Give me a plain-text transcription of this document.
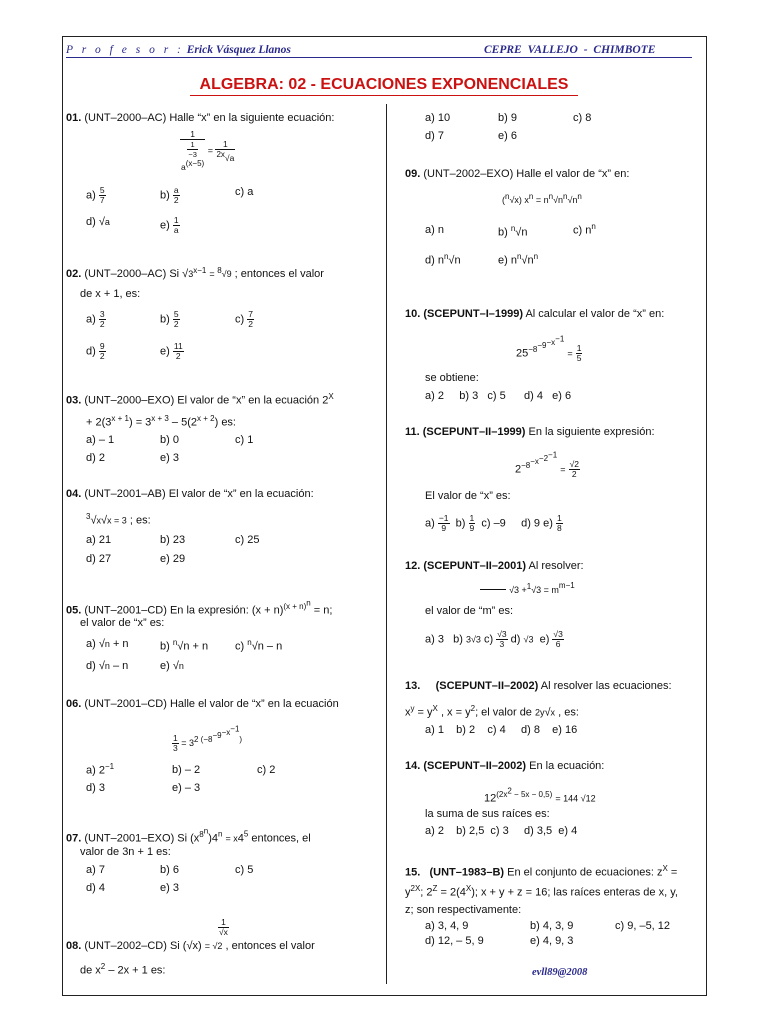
P r o f e s o r : Erick Vásquez Llanos	CEPRE VALLEJO - CHIMBOTE
ALGEBRA: 02 - ECUACIONES EXPONENCIALES
01. (UNT–2000–AC) Halle “x” en la siguiente ecuación:
1
$\frac{1}{-3}$

$a^{(x-5)}$
= $\frac{1}{^{2x}√a}$
$a) \frac{5}{7}$	$b) \frac{a}{2}$	c) a
d) √a	$e) \frac{1}{a}$
02. (UNT–2000–AC) Si $√3^{x-1} = ^8√9$ ; entonces el valor
de x + 1, es:
$a) \frac{3}{2}$	$b) \frac{5}{2}$	$c) \frac{7}{2}$
$d) \frac{9}{2}$	$e) \frac{11}{2}$
03. (UNT–2000–EXO) El valor de “x” en la ecuación $2^X$
+ $2(3^{x + 1}) = 3^{x + 3} - 5(2^{x + 2})$ es:
a) – 1	b) 0	c) 1
d) 2	e) 3
04. (UNT–2001–AB) El valor de “x” en la ecuación:
$^3$√x√x = 3 ; es:
a) 21	b) 23	c) 25
d) 27	e) 29
05. (UNT–2001–CD) En la expresión: $(x + n)^{(x + n)^n} = n$;
el valor de “x” es:
a) √n + n	b) $^n$√n + n c) $^n$√n – n
d) √n – n	e) √n
06. (UNT–2001–CD) Halle el valor de “x” en la ecuación
$\frac{1}{3} = 3^{2 (-8^{-9^{-x^{-1}}})}$
a) $2^{-1}$	b) – 2	c) 2
d) 3	e) – 3
07. (UNT–2001–EXO) Si $(x^{8^n})4^n = x4^5$ entonces, el
valor de 3n + 1 es:
a) 7	b) 6	c) 5
d) 4	e) 3
$\frac{1}{√x}$
08. (UNT–2002–CD) Si (√x) = √2 , entonces el valor
de $x^2 - 2x + 1$ es:
a) 10	b) 9	c) 8
d) 7	e) 6
09. (UNT–2002–EXO) Halle el valor de “x” en:
($^n$√x) $x^n = n^n√n^n√n^n$
a) n	b) $^n$√n	c) $n^n$
d) $n^n√n$	e) $n^n√n^n$
10. (SCEPUNT–I–1999) Al calcular el valor de “x” en:
$25^{-8^{-9^{-x^{-1}}}} = \frac{1}{5}$
se obtiene:
a) 2     b) 3   c) 5      d) 4   e) 6
11. (SCEPUNT–II–1999) En la siguiente expresión:
$2^{-8^{-x^{-2^{-1}}}} = \frac{√2}{2}$
El valor de “x” es:
$a) \frac{-1}{9} b) \frac{1}{9} c$) –9     d) 9 $e) \frac{1}{8}$
12. (SCEPUNT–II–2001) Al resolver:
$√3 +^1√3 = m^{m-1}$
el valor de “m” es:
a) 3   b) 3√3 $c) \frac{√3}{3} d$) √3  $e) \frac{√3}{6}$
13. (SCEPUNT–II–2002) Al resolver las ecuaciones:
$x^y = y^X$ , $x = y^2$; el valor de 2y√x , es:
a) 1    b) 2    c) 4     d) 8    e) 16
14. (SCEPUNT–II–2002) En la ecuación:
$12^{(2x^2 - 5x - 0,5)} = 144$ √12
la suma de sus raíces es:
a) 2    b) 2,5  c) 3     d) 3,5  e) 4
15. (UNT–1983–B) En el conjunto de ecuaciones: $z^X$ =
$y^{2X}$; $2^Z = 2(4^X)$; x + y + z = 16; las raíces enteras de x, y,
z; son respectivamente:
a) 3, 4, 9	b) 4, 3, 9	c) 9, –5, 12
d) 12, – 5, 9	e) 4, 9, 3
evll89@2008
